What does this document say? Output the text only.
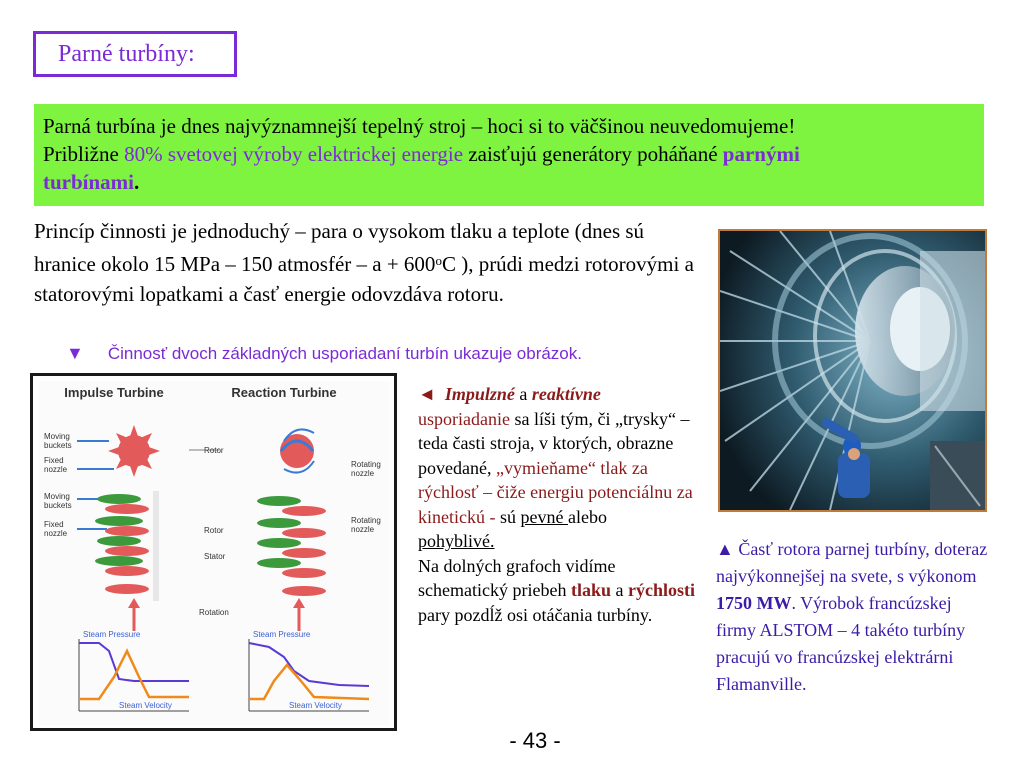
Parné turbíny:
Parná turbína je dnes najvýznamnejší tepelný stroj – hoci si to väčšinou neuvedomujeme!
Približne 80% svetovej výroby elektrickej energie zaisťujú generátory poháňané parnými
turbínami.
Princíp činnosti je jednoduchý – para o vysokom tlaku a teplote (dnes sú hranice okolo 15 MPa – 150 atmosfér – $a + 600^oC$ ), prúdi medzi rotorovými a statorovými lopatkami a časť energie odovzdáva rotoru.
▼ Činnosť dvoch základných usporiadaní turbín ukazuje obrázok.
Impulse Turbine	Reaction Turbine
Moving buckets
Fixed nozzle
Moving buckets
Fixed nozzle
Rotor
Rotating nozzle
Rotating nozzle
Rotor
Stator
Rotation
Steam Pressure
Steam Velocity
Steam Pressure
Steam Velocity
◄ Impulzné a reaktívne
usporiadanie sa líši tým, či „trysky“ – teda časti stroja, v ktorých, obrazne povedané, „vymieňame“ tlak za rýchlosť – čiže energiu potenciálnu za kinetickú - sú pevné alebo
pohyblivé.
Na dolných grafoch vidíme schematický priebeh tlaku a rýchlosti pary pozdĺž osi otáčania turbíny.
▲ Časť rotora parnej turbíny, doteraz najvýkonnejšej na svete, s výkonom 1750 MW. Výrobok francúzskej firmy ALSTOM – 4 takéto turbíny pracujú vo francúzskej elektrárni Flamanville.
- 43 -
